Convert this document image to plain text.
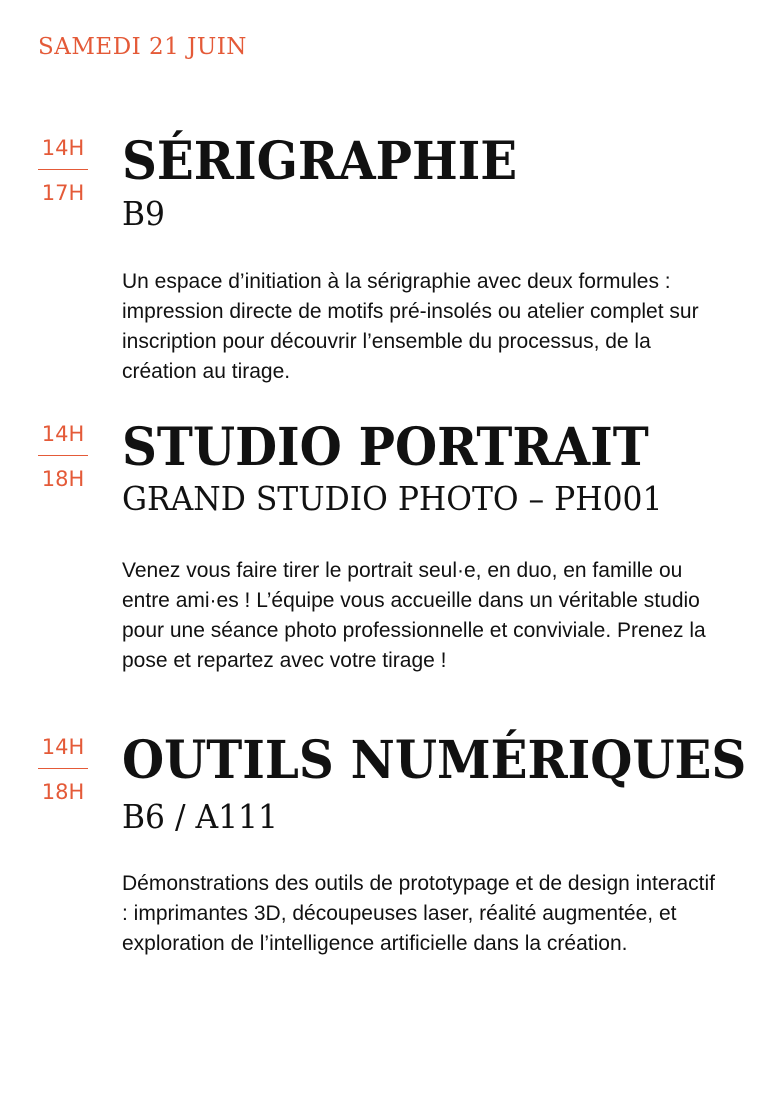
SAMEDI 21 JUIN
14H
17H
SÉRIGRAPHIE
B9

Un espace d’initiation à la sérigraphie avec deux formules : impression directe de motifs pré-insolés ou atelier complet sur inscription pour découvrir l’ensemble du processus, de la création au tirage.

14H
18H
STUDIO PORTRAIT
GRAND STUDIO PHOTO – PH001

Venez vous faire tirer le portrait seul·e, en duo, en famille ou entre ami·es ! L’équipe vous accueille dans un véritable studio pour une séance photo professionnelle et conviviale. Prenez la pose et repartez avec votre tirage !

14H
18H
OUTILS NUMÉRIQUES
B6 / A111

Démonstrations des outils de prototypage et de design interactif : imprimantes 3D, découpeuses laser, réalité augmentée, et exploration de l’intelligence artificielle dans la création.
